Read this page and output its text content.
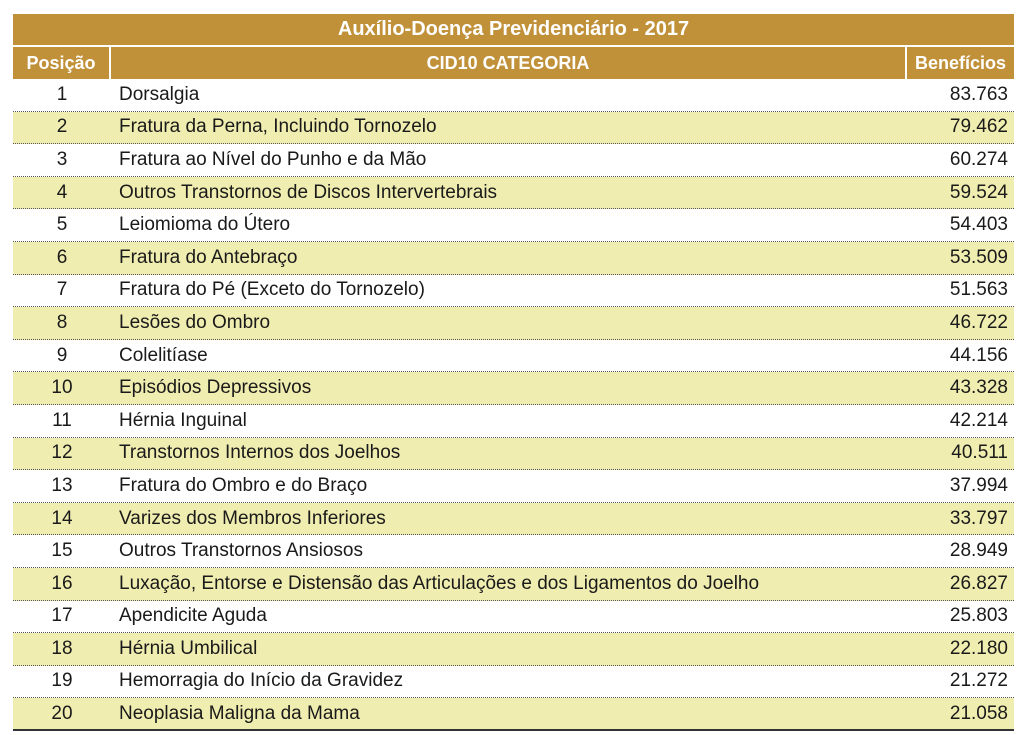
Auxílio-Doença Previdenciário - 2017
Posição	CID10 CATEGORIA	Benefícios
1	Dorsalgia	83.763
2	Fratura da Perna, Incluindo Tornozelo	79.462
3	Fratura ao Nível do Punho e da Mão	60.274
4	Outros Transtornos de Discos Intervertebrais	59.524
5	Leiomioma do Útero	54.403
6	Fratura do Antebraço	53.509
7	Fratura do Pé (Exceto do Tornozelo)	51.563
8	Lesões do Ombro	46.722
9	Colelitíase	44.156
10	Episódios Depressivos	43.328
11	Hérnia Inguinal	42.214
12	Transtornos Internos dos Joelhos	40.511
13	Fratura do Ombro e do Braço	37.994
14	Varizes dos Membros Inferiores	33.797
15	Outros Transtornos Ansiosos	28.949
16	Luxação, Entorse e Distensão das Articulações e dos Ligamentos do Joelho	26.827
17	Apendicite Aguda	25.803
18	Hérnia Umbilical	22.180
19	Hemorragia do Início da Gravidez	21.272
20	Neoplasia Maligna da Mama	21.058
